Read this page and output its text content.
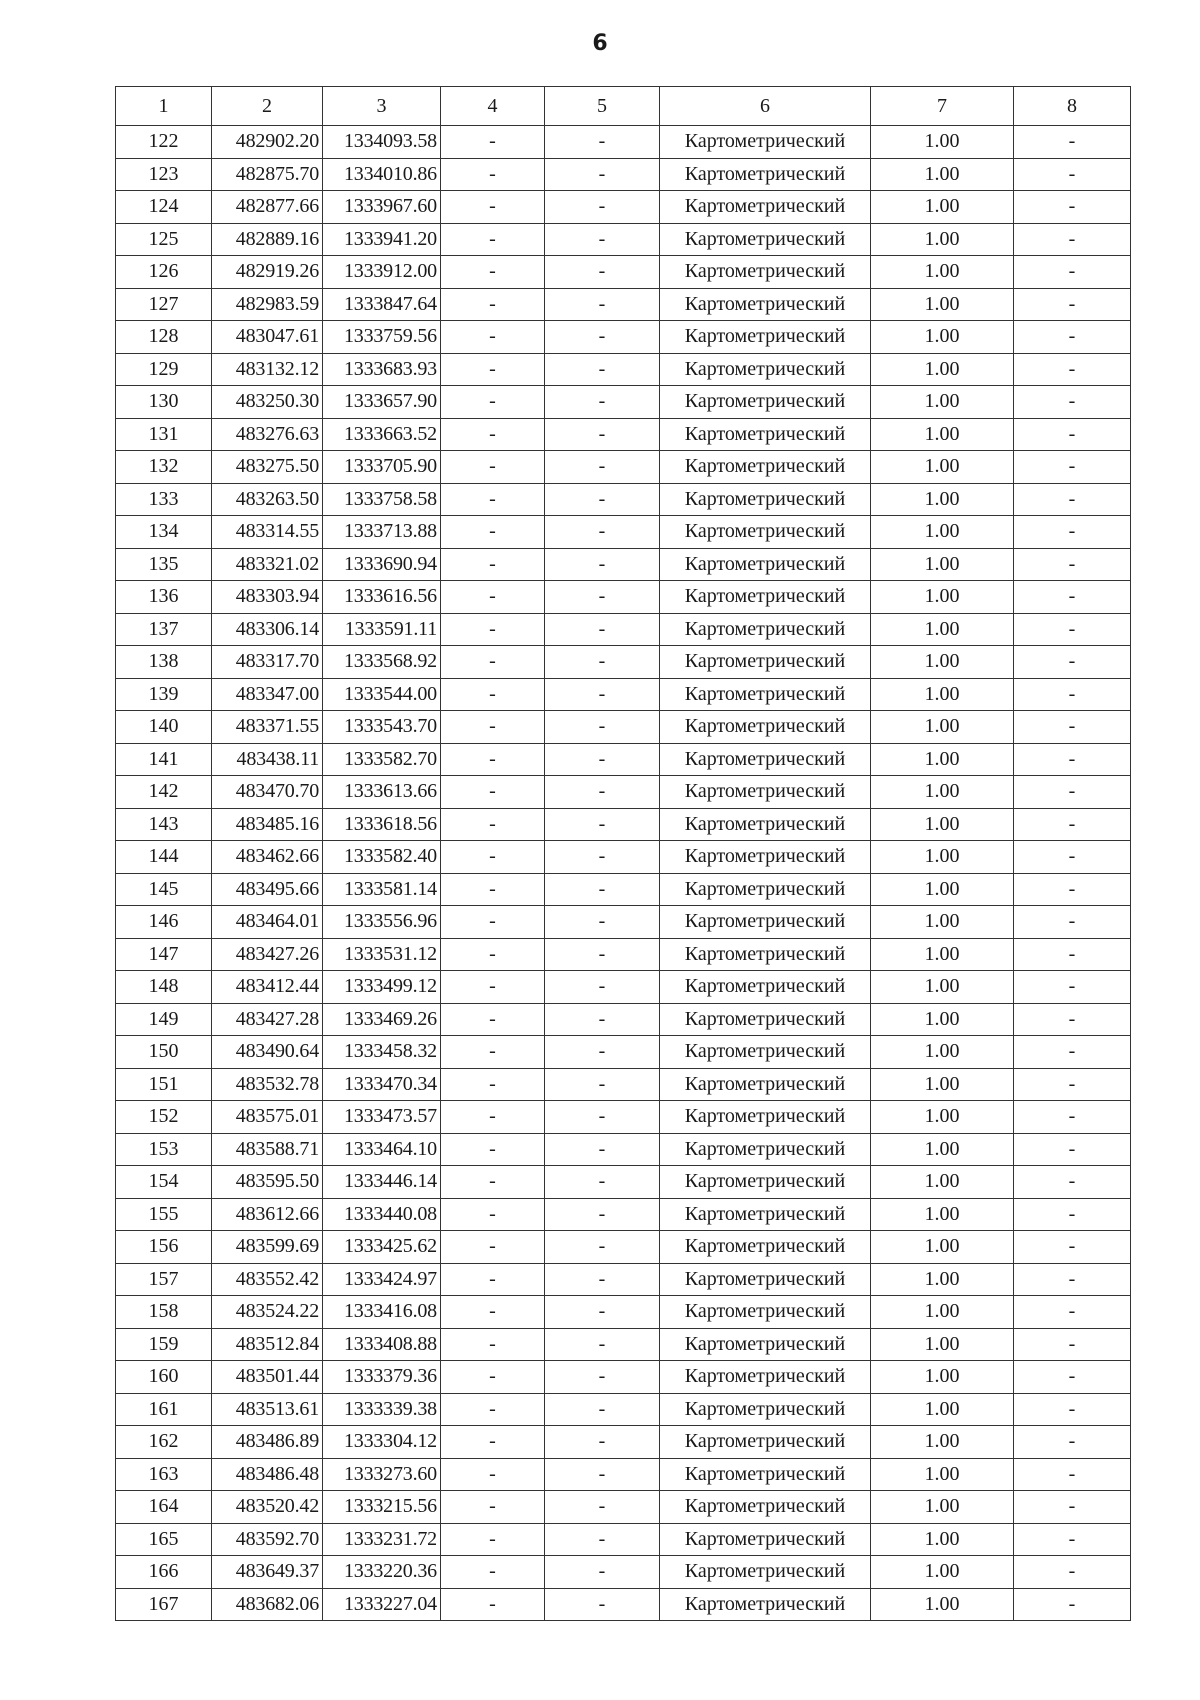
6
1	2	3	4	5	6	7	8
122	482902.20	1334093.58	-	-	Картометрический	1.00	-
123	482875.70	1334010.86	-	-	Картометрический	1.00	-
124	482877.66	1333967.60	-	-	Картометрический	1.00	-
125	482889.16	1333941.20	-	-	Картометрический	1.00	-
126	482919.26	1333912.00	-	-	Картометрический	1.00	-
127	482983.59	1333847.64	-	-	Картометрический	1.00	-
128	483047.61	1333759.56	-	-	Картометрический	1.00	-
129	483132.12	1333683.93	-	-	Картометрический	1.00	-
130	483250.30	1333657.90	-	-	Картометрический	1.00	-
131	483276.63	1333663.52	-	-	Картометрический	1.00	-
132	483275.50	1333705.90	-	-	Картометрический	1.00	-
133	483263.50	1333758.58	-	-	Картометрический	1.00	-
134	483314.55	1333713.88	-	-	Картометрический	1.00	-
135	483321.02	1333690.94	-	-	Картометрический	1.00	-
136	483303.94	1333616.56	-	-	Картометрический	1.00	-
137	483306.14	1333591.11	-	-	Картометрический	1.00	-
138	483317.70	1333568.92	-	-	Картометрический	1.00	-
139	483347.00	1333544.00	-	-	Картометрический	1.00	-
140	483371.55	1333543.70	-	-	Картометрический	1.00	-
141	483438.11	1333582.70	-	-	Картометрический	1.00	-
142	483470.70	1333613.66	-	-	Картометрический	1.00	-
143	483485.16	1333618.56	-	-	Картометрический	1.00	-
144	483462.66	1333582.40	-	-	Картометрический	1.00	-
145	483495.66	1333581.14	-	-	Картометрический	1.00	-
146	483464.01	1333556.96	-	-	Картометрический	1.00	-
147	483427.26	1333531.12	-	-	Картометрический	1.00	-
148	483412.44	1333499.12	-	-	Картометрический	1.00	-
149	483427.28	1333469.26	-	-	Картометрический	1.00	-
150	483490.64	1333458.32	-	-	Картометрический	1.00	-
151	483532.78	1333470.34	-	-	Картометрический	1.00	-
152	483575.01	1333473.57	-	-	Картометрический	1.00	-
153	483588.71	1333464.10	-	-	Картометрический	1.00	-
154	483595.50	1333446.14	-	-	Картометрический	1.00	-
155	483612.66	1333440.08	-	-	Картометрический	1.00	-
156	483599.69	1333425.62	-	-	Картометрический	1.00	-
157	483552.42	1333424.97	-	-	Картометрический	1.00	-
158	483524.22	1333416.08	-	-	Картометрический	1.00	-
159	483512.84	1333408.88	-	-	Картометрический	1.00	-
160	483501.44	1333379.36	-	-	Картометрический	1.00	-
161	483513.61	1333339.38	-	-	Картометрический	1.00	-
162	483486.89	1333304.12	-	-	Картометрический	1.00	-
163	483486.48	1333273.60	-	-	Картометрический	1.00	-
164	483520.42	1333215.56	-	-	Картометрический	1.00	-
165	483592.70	1333231.72	-	-	Картометрический	1.00	-
166	483649.37	1333220.36	-	-	Картометрический	1.00	-
167	483682.06	1333227.04	-	-	Картометрический	1.00	-
